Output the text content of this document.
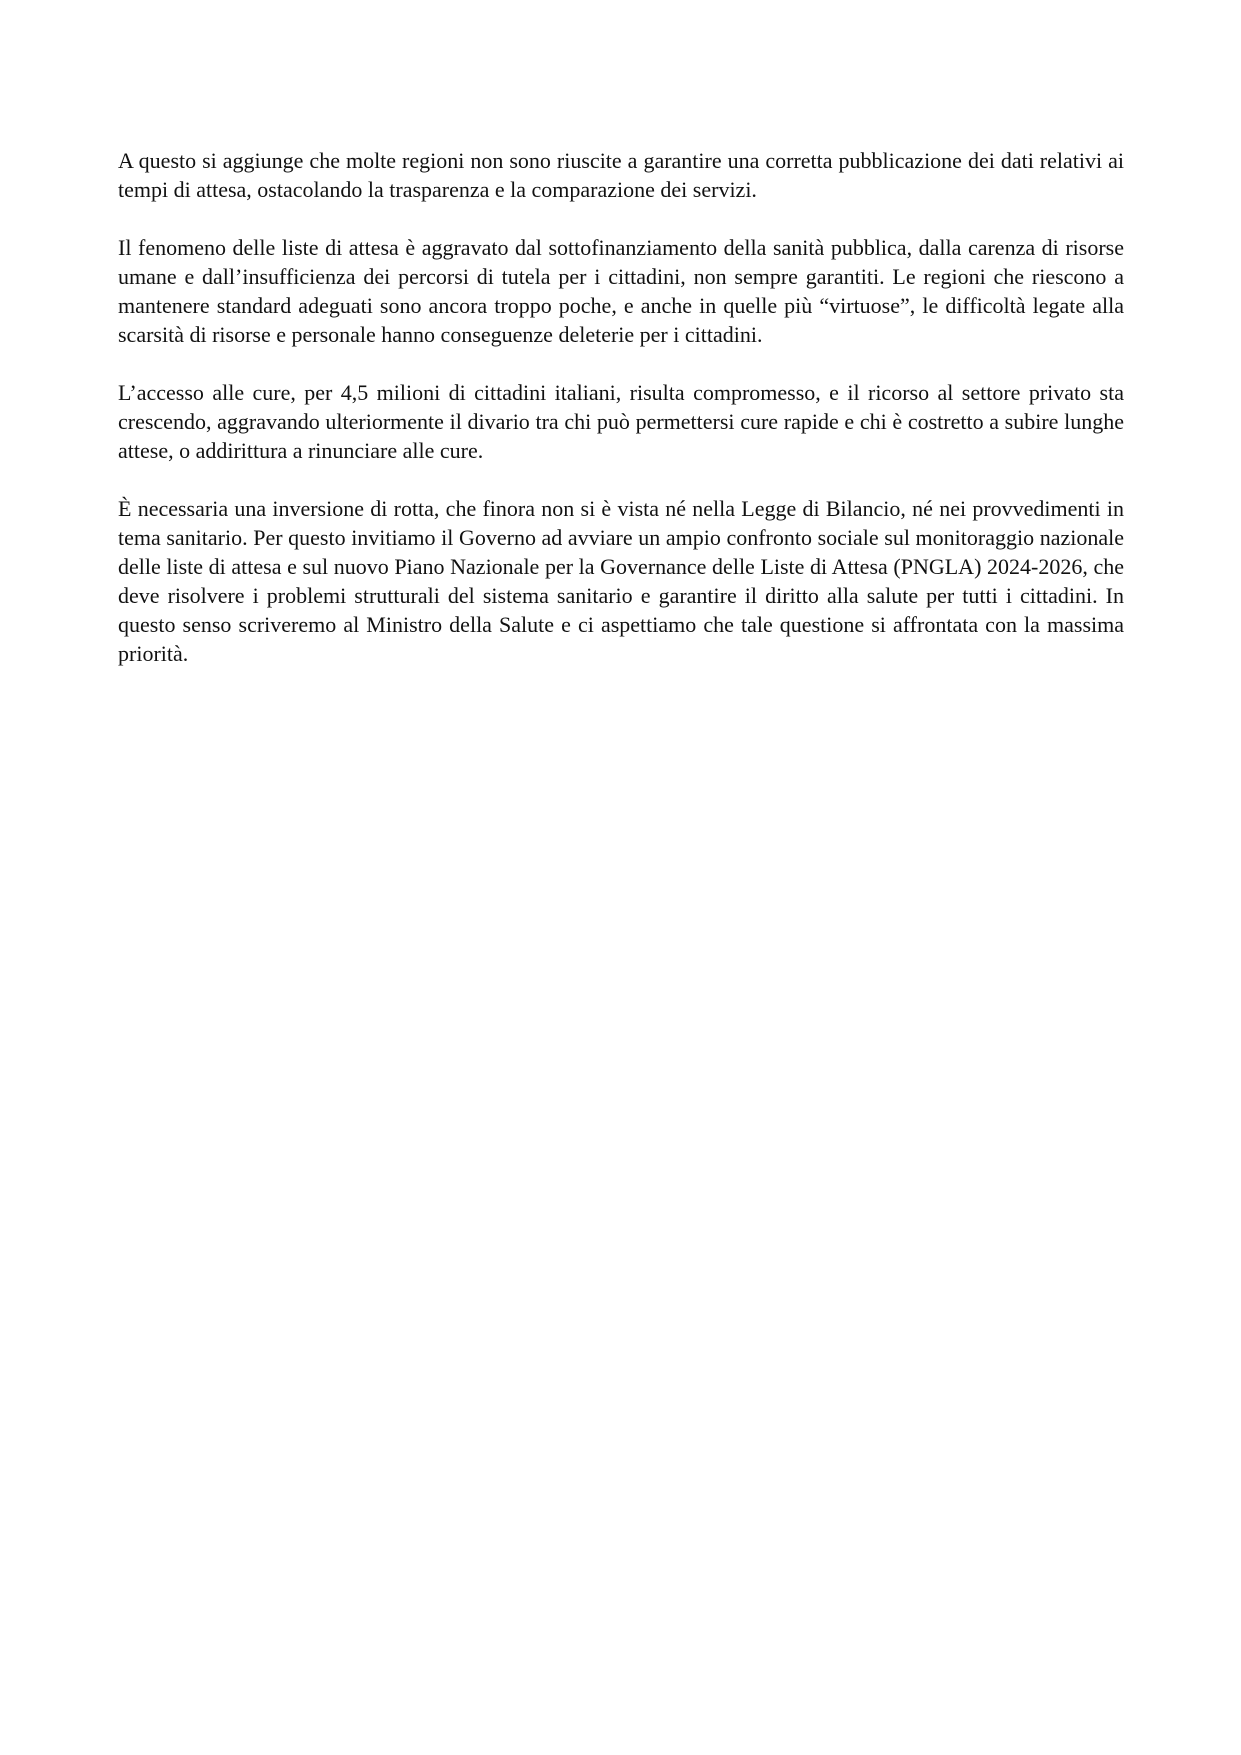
A questo si aggiunge che molte regioni non sono riuscite a garantire una corretta pubblicazione dei dati relativi ai tempi di attesa, ostacolando la trasparenza e la comparazione dei servizi.

Il fenomeno delle liste di attesa è aggravato dal sottofinanziamento della sanità pubblica, dalla carenza di risorse umane e dall’insufficienza dei percorsi di tutela per i cittadini, non sempre garantiti. Le regioni che riescono a mantenere standard adeguati sono ancora troppo poche, e anche in quelle più “virtuose”, le difficoltà legate alla scarsità di risorse e personale hanno conseguenze deleterie per i cittadini.

L’accesso alle cure, per 4,5 milioni di cittadini italiani, risulta compromesso, e il ricorso al settore privato sta crescendo, aggravando ulteriormente il divario tra chi può permettersi cure rapide e chi è costretto a subire lunghe attese, o addirittura a rinunciare alle cure.

È necessaria una inversione di rotta, che finora non si è vista né nella Legge di Bilancio, né nei provvedimenti in tema sanitario. Per questo invitiamo il Governo ad avviare un ampio confronto sociale sul monitoraggio nazionale delle liste di attesa e sul nuovo Piano Nazionale per la Governance delle Liste di Attesa (PNGLA) 2024-2026, che deve risolvere i problemi strutturali del sistema sanitario e garantire il diritto alla salute per tutti i cittadini. In questo senso scriveremo al Ministro della Salute e ci aspettiamo che tale questione si affrontata con la massima priorità.
